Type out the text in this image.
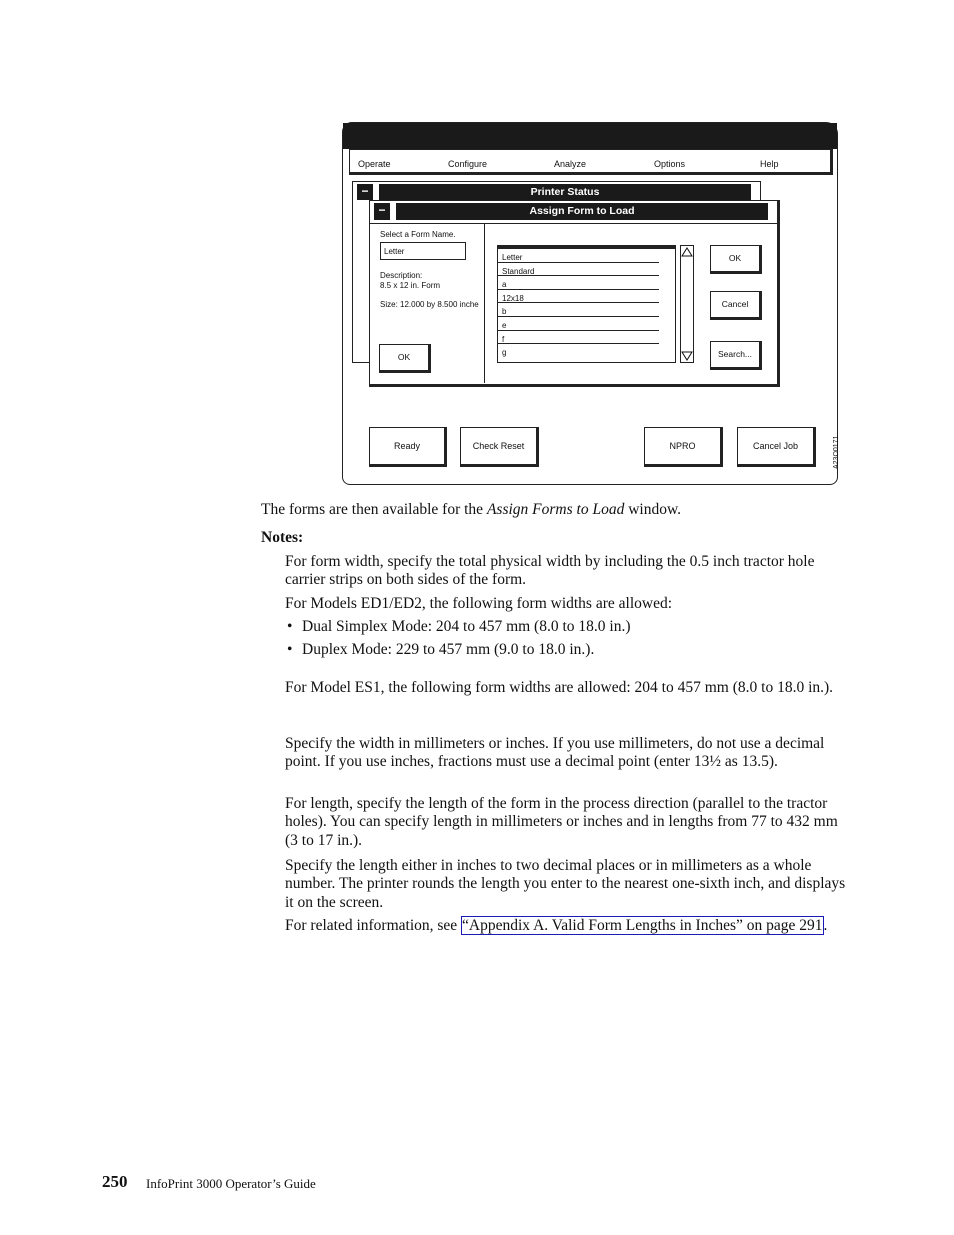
Operate	Configure	Analyze	Options	Help
−	Printer Status
−	Assign Form to Load
Select a Form Name.
Letter
Description:
8.5 x 12 in. Form
Size: 12.000 by 8.500 inche
OK
Letter
Standard
a
12x18
b
e
f
g
OK
Cancel
Search...
Ready	Check Reset	NPRO	Cancel Job	A23O0171
The forms are then available for the Assign Forms to Load window.
Notes:
For form width, specify the total physical width by including the 0.5 inch tractor hole carrier strips on both sides of the form.
For Models ED1/ED2, the following form widths are allowed:
• Dual Simplex Mode: 204 to 457 mm (8.0 to 18.0 in.)
• Duplex Mode: 229 to 457 mm (9.0 to 18.0 in.).
For Model ES1, the following form widths are allowed: 204 to 457 mm (8.0 to 18.0 in.).
Specify the width in millimeters or inches. If you use millimeters, do not use a decimal point. If you use inches, fractions must use a decimal point (enter 13½ as 13.5).
For length, specify the length of the form in the process direction (parallel to the tractor holes). You can specify length in millimeters or inches and in lengths from 77 to 432 mm (3 to 17 in.).
Specify the length either in inches to two decimal places or in millimeters as a whole number. The printer rounds the length you enter to the nearest one-sixth inch, and displays it on the screen.
For related information, see “Appendix A. Valid Form Lengths in Inches” on page 291.
250 InfoPrint 3000 Operator’s Guide
